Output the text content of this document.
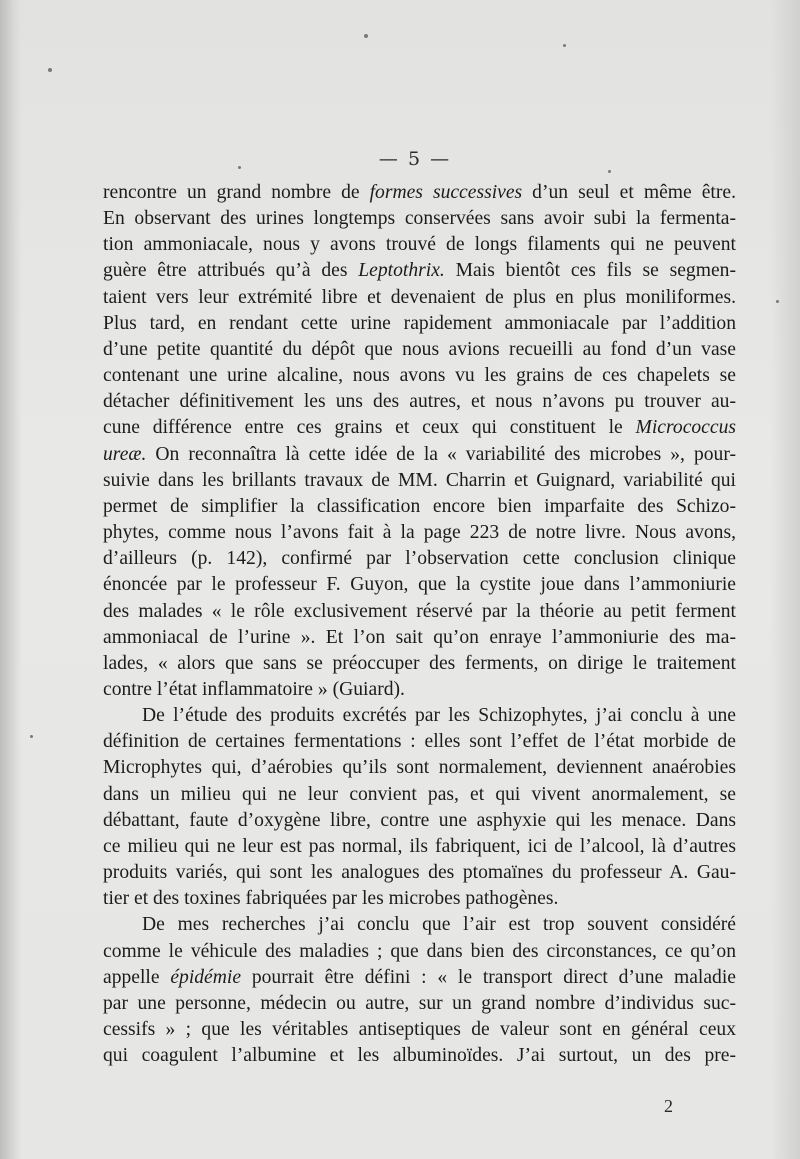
— 5 —
rencontre un grand nombre de formes successives d’un seul et même être.
En observant des urines longtemps conservées sans avoir subi la fermenta-
tion ammoniacale, nous y avons trouvé de longs filaments qui ne peuvent
guère être attribués qu’à des Leptothrix. Mais bientôt ces fils se segmen-
taient vers leur extrémité libre et devenaient de plus en plus moniliformes.
Plus tard, en rendant cette urine rapidement ammoniacale par l’addition
d’une petite quantité du dépôt que nous avions recueilli au fond d’un vase
contenant une urine alcaline, nous avons vu les grains de ces chapelets se
détacher définitivement les uns des autres, et nous n’avons pu trouver au-
cune différence entre ces grains et ceux qui constituent le Micrococcus
ureæ. On reconnaîtra là cette idée de la « variabilité des microbes », pour-
suivie dans les brillants travaux de MM. Charrin et Guignard, variabilité qui
permet de simplifier la classification encore bien imparfaite des Schizo-
phytes, comme nous l’avons fait à la page 223 de notre livre. Nous avons,
d’ailleurs (p. 142), confirmé par l’observation cette conclusion clinique
énoncée par le professeur F. Guyon, que la cystite joue dans l’ammoniurie
des malades « le rôle exclusivement réservé par la théorie au petit ferment
ammoniacal de l’urine ». Et l’on sait qu’on enraye l’ammoniurie des ma-
lades, « alors que sans se préoccuper des ferments, on dirige le traitement
contre l’état inflammatoire » (Guiard).
De l’étude des produits excrétés par les Schizophytes, j’ai conclu à une
définition de certaines fermentations : elles sont l’effet de l’état morbide de
Microphytes qui, d’aérobies qu’ils sont normalement, deviennent anaérobies
dans un milieu qui ne leur convient pas, et qui vivent anormalement, se
débattant, faute d’oxygène libre, contre une asphyxie qui les menace. Dans
ce milieu qui ne leur est pas normal, ils fabriquent, ici de l’alcool, là d’autres
produits variés, qui sont les analogues des ptomaïnes du professeur A. Gau-
tier et des toxines fabriquées par les microbes pathogènes.
De mes recherches j’ai conclu que l’air est trop souvent considéré
comme le véhicule des maladies ; que dans bien des circonstances, ce qu’on
appelle épidémie pourrait être défini : « le transport direct d’une maladie
par une personne, médecin ou autre, sur un grand nombre d’individus suc-
cessifs » ; que les véritables antiseptiques de valeur sont en général ceux
qui coagulent l’albumine et les albuminoïdes. J’ai surtout, un des pre-
2
